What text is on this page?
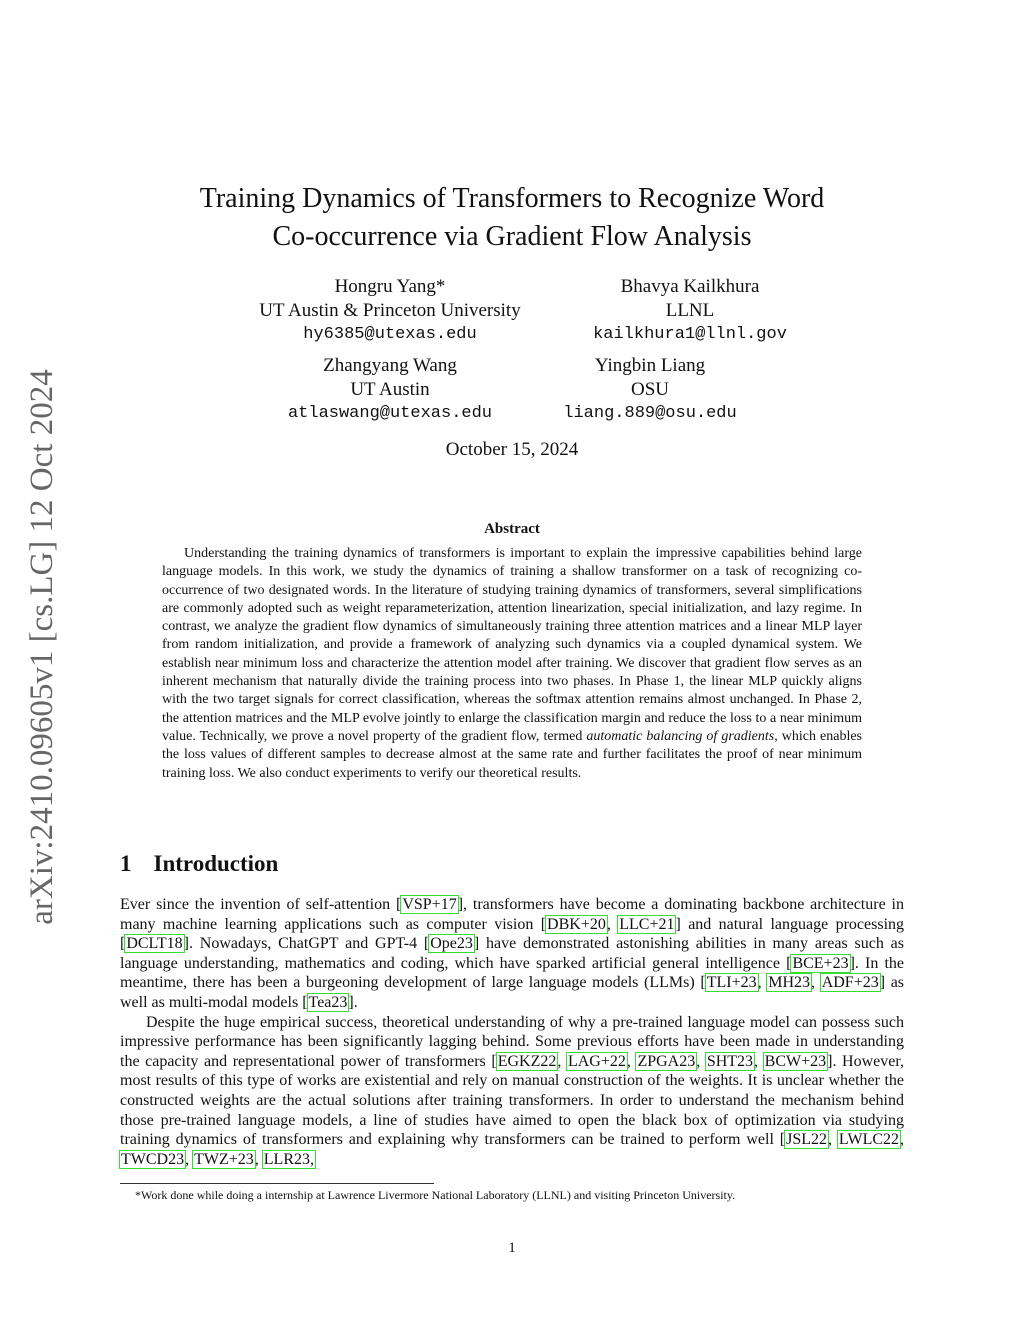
arXiv:2410.09605v1 [cs.LG] 12 Oct 2024
Training Dynamics of Transformers to Recognize Word
Co-occurrence via Gradient Flow Analysis
Hongru Yang*
UT Austin & Princeton University
hy6385@utexas.edu
Bhavya Kailkhura
LLNL
kailkhura1@llnl.gov
Zhangyang Wang
UT Austin
atlaswang@utexas.edu
Yingbin Liang
OSU
liang.889@osu.edu
October 15, 2024
Abstract

Understanding the training dynamics of transformers is important to explain the impressive capabilities behind large language models. In this work, we study the dynamics of training a shallow transformer on a task of recognizing co-occurrence of two designated words. In the literature of studying training dynamics of transformers, several simplifications are commonly adopted such as weight reparameterization, attention linearization, special initialization, and lazy regime. In contrast, we analyze the gradient flow dynamics of simultaneously training three attention matrices and a linear MLP layer from random initialization, and provide a framework of analyzing such dynamics via a coupled dynamical system. We establish near minimum loss and characterize the attention model after training. We discover that gradient flow serves as an inherent mechanism that naturally divide the training process into two phases. In Phase 1, the linear MLP quickly aligns with the two target signals for correct classification, whereas the softmax attention remains almost unchanged. In Phase 2, the attention matrices and the MLP evolve jointly to enlarge the classification margin and reduce the loss to a near minimum value. Technically, we prove a novel property of the gradient flow, termed automatic balancing of gradients, which enables the loss values of different samples to decrease almost at the same rate and further facilitates the proof of near minimum training loss. We also conduct experiments to verify our theoretical results.

1 Introduction

Ever since the invention of self-attention [VSP+17], transformers have become a dominating backbone architecture in many machine learning applications such as computer vision [DBK+20, LLC+21] and natural language processing [DCLT18]. Nowadays, ChatGPT and GPT-4 [Ope23] have demonstrated astonishing abilities in many areas such as language understanding, mathematics and coding, which have sparked artificial general intelligence [BCE+23]. In the meantime, there has been a burgeoning development of large language models (LLMs) [TLI+23, MH23, ADF+23] as well as multi-modal models [Tea23].

Despite the huge empirical success, theoretical understanding of why a pre-trained language model can possess such impressive performance has been significantly lagging behind. Some previous efforts have been made in understanding the capacity and representational power of transformers [EGKZ22, LAG+22, ZPGA23, SHT23, BCW+23]. However, most results of this type of works are existential and rely on manual construction of the weights. It is unclear whether the constructed weights are the actual solutions after training transformers. In order to understand the mechanism behind those pre-trained language models, a line of studies have aimed to open the black box of optimization via studying training dynamics of transformers and explaining why transformers can be trained to perform well [JSL22, LWLC22, TWCD23, TWZ+23, LLR23,

*Work done while doing a internship at Lawrence Livermore National Laboratory (LLNL) and visiting Princeton University.
1
